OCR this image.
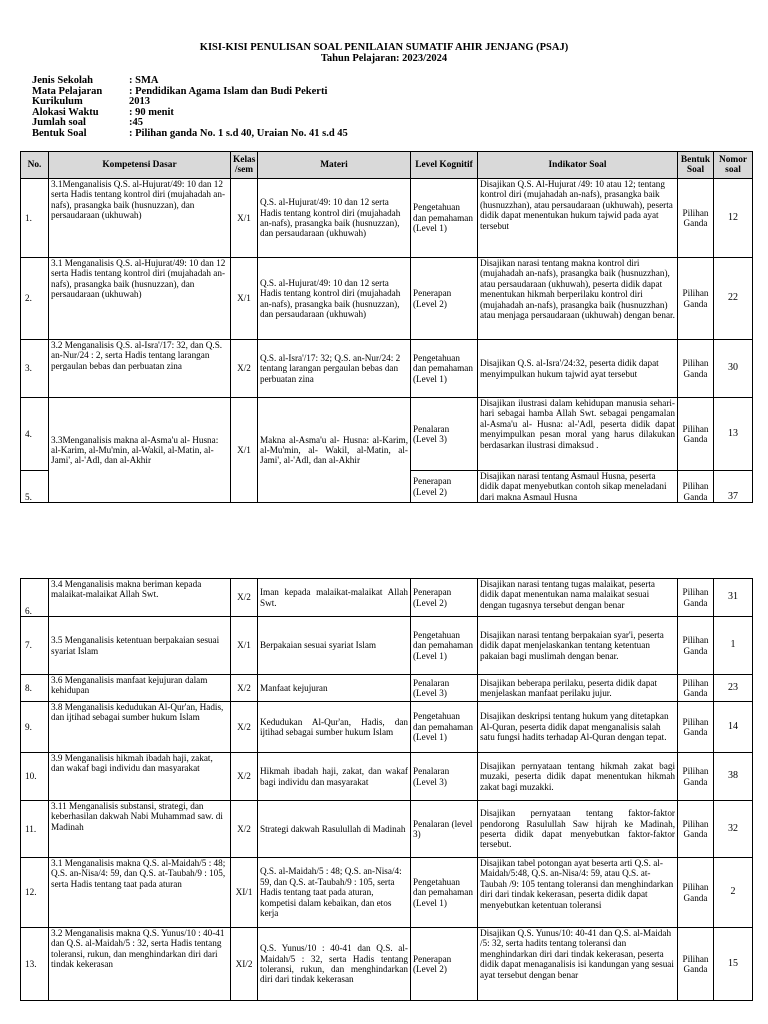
KISI-KISI PENULISAN SOAL PENILAIAN SUMATIF AHIR JENJANG (PSAJ)
Tahun Pelajaran: 2023/2024
Jenis Sekolah	: SMA
Mata Pelajaran	: Pendidikan Agama Islam dan Budi Pekerti
Kurikulum	2013
Alokasi Waktu	: 90 menit
Jumlah soal	:45
Bentuk Soal	: Pilihan ganda No. 1 s.d 40, Uraian No. 41 s.d 45
No.	Kompetensi Dasar	Kelas /sem	Materi	Level Kognitif	Indikator Soal	Bentuk Soal	Nomor soal
1.	3.1Menganalisis Q.S. al-Hujurat/49: 10 dan 12 serta Hadis tentang kontrol diri (mujahadah an-nafs), prasangka baik (husnuzzan), dan persaudaraan (ukhuwah)	X/1	Q.S. al-Hujurat/49: 10 dan 12 serta Hadis tentang kontrol diri (mujahadah an-nafs), prasangka baik (husnuzzan), dan persaudaraan (ukhuwah)	Pengetahuan dan pemahaman (Level 1)	Disajikan Q.S. Al-Hujurat /49: 10 atau 12; tentang kontrol diri (mujahadah an-nafs), prasangka baik (husnuzzhan), atau persaudaraan (ukhuwah), peserta didik dapat menentukan hukum tajwid pada ayat tersebut	Pilihan Ganda	12
2.	3.1 Menganalisis Q.S. al-Hujurat/49: 10 dan 12 serta Hadis tentang kontrol diri (mujahadah an-nafs), prasangka baik (husnuzzan), dan persaudaraan (ukhuwah)	X/1	Q.S. al-Hujurat/49: 10 dan 12 serta Hadis tentang kontrol diri (mujahadah an-nafs), prasangka baik (husnuzzan), dan persaudaraan (ukhuwah)	Penerapan (Level 2)	Disajikan narasi tentang makna kontrol diri (mujahadah an-nafs), prasangka baik (husnuzzhan), atau persaudaraan (ukhuwah), peserta didik dapat menentukan hikmah berperilaku kontrol diri (mujahadah an-nafs), prasangka baik (husnuzzhan) atau menjaga persaudaraan (ukhuwah) dengan benar.	Pilihan Ganda	22
3.	3.2 Menganalisis Q.S. al-Isra'/17: 32, dan Q.S. an-Nur/24 : 2, serta Hadis tentang larangan pergaulan bebas dan perbuatan zina	X/2	Q.S. al-Isra'/17: 32; Q.S. an-Nur/24: 2 tentang larangan pergaulan bebas dan perbuatan zina	Pengetahuan dan pemahaman (Level 1)	Disajikan Q.S. al-Isra'/24:32, peserta didik dapat menyimpulkan hukum tajwid ayat tersebut	Pilihan Ganda	30
4.	3.3Menganalisis makna al-Asma'u al- Husna: al-Karim, al-Mu'min, al-Wakil, al-Matin, al-Jami', al-'Adl, dan al-Akhir	X/1	Makna al-Asma'u al- Husna: al-Karim, al-Mu'min, al- Wakil, al-Matin, al-Jami', al-'Adl, dan al-Akhir	Penalaran (Level 3)	Disajikan ilustrasi dalam kehidupan manusia sehari-hari sebagai hamba Allah Swt. sebagai pengamalan al-Asma'u al- Husna: al-'Adl, peserta didik dapat menyimpulkan pesan moral yang harus dilakukan berdasarkan ilustrasi dimaksud .	Pilihan Ganda	13
5.				Penerapan (Level 2)	Disajikan narasi tentang Asmaul Husna, peserta didik dapat menyebutkan contoh sikap meneladani dari makna Asmaul Husna	Pilihan Ganda	37
6.	3.4 Menganalisis makna beriman kepada malaikat-malaikat Allah Swt.	X/2	Iman kepada malaikat-malaikat Allah Swt.	Penerapan (Level 2)	Disajikan narasi tentang tugas malaikat, peserta didik dapat menentukan nama malaikat sesuai dengan tugasnya tersebut dengan benar	Pilihan Ganda	31
7.	3.5 Menganalisis ketentuan berpakaian sesuai syariat Islam	X/1	Berpakaian sesuai syariat Islam	Pengetahuan dan pemahaman (Level 1)	Disajikan narasi tentang berpakaian syar'i, peserta didik dapat menjelaskankan tentang ketentuan pakaian bagi muslimah dengan benar.	Pilihan Ganda	1
8.	3.6 Menganalisis manfaat kejujuran dalam kehidupan	X/2	Manfaat kejujuran	Penalaran (Level 3)	Disajikan beberapa perilaku, peserta didik dapat menjelaskan manfaat perilaku jujur.	Pilihan Ganda	23
9.	3.8 Menganalisis kedudukan Al-Qur'an, Hadis, dan ijtihad sebagai sumber hukum Islam	X/2	Kedudukan Al-Qur'an, Hadis, dan ijtihad sebagai sumber hukum Islam	Pengetahuan dan pemahaman (Level 1)	Disajikan deskripsi tentang hukum yang ditetapkan Al-Quran, peserta didik dapat menganalisis salah satu fungsi hadits terhadap Al-Quran dengan tepat.	Pilihan Ganda	14
10.	3.9 Menganalisis hikmah ibadah haji, zakat, dan wakaf bagi individu dan masyarakat	X/2	Hikmah ibadah haji, zakat, dan wakaf bagi individu dan masyarakat	Penalaran (Level 3)	Disajikan pernyataan tentang hikmah zakat bagi muzaki, peserta didik dapat menentukan hikmah zakat bagi muzakki.	Pilihan Ganda	38
11.	3.11 Menganalisis substansi, strategi, dan keberhasilan dakwah Nabi Muhammad saw. di Madinah	X/2	Strategi dakwah Rasulullah di Madinah	Penalaran (level 3)	Disajikan pernyataan tentang faktor-faktor pendorong Rasulullah Saw hijrah ke Madinah, peserta didik dapat menyebutkan faktor-faktor tersebut.	Pilihan Ganda	32
12.	3.1 Menganalisis makna Q.S. al-Maidah/5 : 48; Q.S. an-Nisa/4: 59, dan Q.S. at-Taubah/9 : 105, serta Hadis tentang taat pada aturan	XI/1	Q.S. al-Maidah/5 : 48; Q.S. an-Nisa/4: 59, dan Q.S. at-Taubah/9 : 105, serta Hadis tentang taat pada aturan, kompetisi dalam kebaikan, dan etos kerja	Pengetahuan dan pemahaman (Level 1)	Disajikan tabel potongan ayat beserta arti Q.S. al-Maidah/5:48, Q.S. an-Nisa/4: 59, atau Q.S. at-Taubah /9: 105 tentang toleransi dan menghindarkan diri dari tindak kekerasan, peserta didik dapat menyebutkan ketentuan toleransi	Pilihan Ganda	2
13.	3.2 Menganalisis makna Q.S. Yunus/10 : 40-41 dan Q.S. al-Maidah/5 : 32, serta Hadis tentang toleransi, rukun, dan menghindarkan diri dari tindak kekerasan	XI/2	Q.S. Yunus/10 : 40-41 dan Q.S. al-Maidah/5 : 32, serta Hadis tentang toleransi, rukun, dan menghindarkan diri dari tindak kekerasan	Penerapan (Level 2)	Disajikan Q.S. Yunus/10: 40-41 dan Q.S. al-Maidah /5: 32, serta hadits tentang toleransi dan menghindarkan diri dari tindak kekerasan, peserta didik dapat menaganalisis isi kandungan yang sesuai ayat tersebut dengan benar	Pilihan Ganda	15
